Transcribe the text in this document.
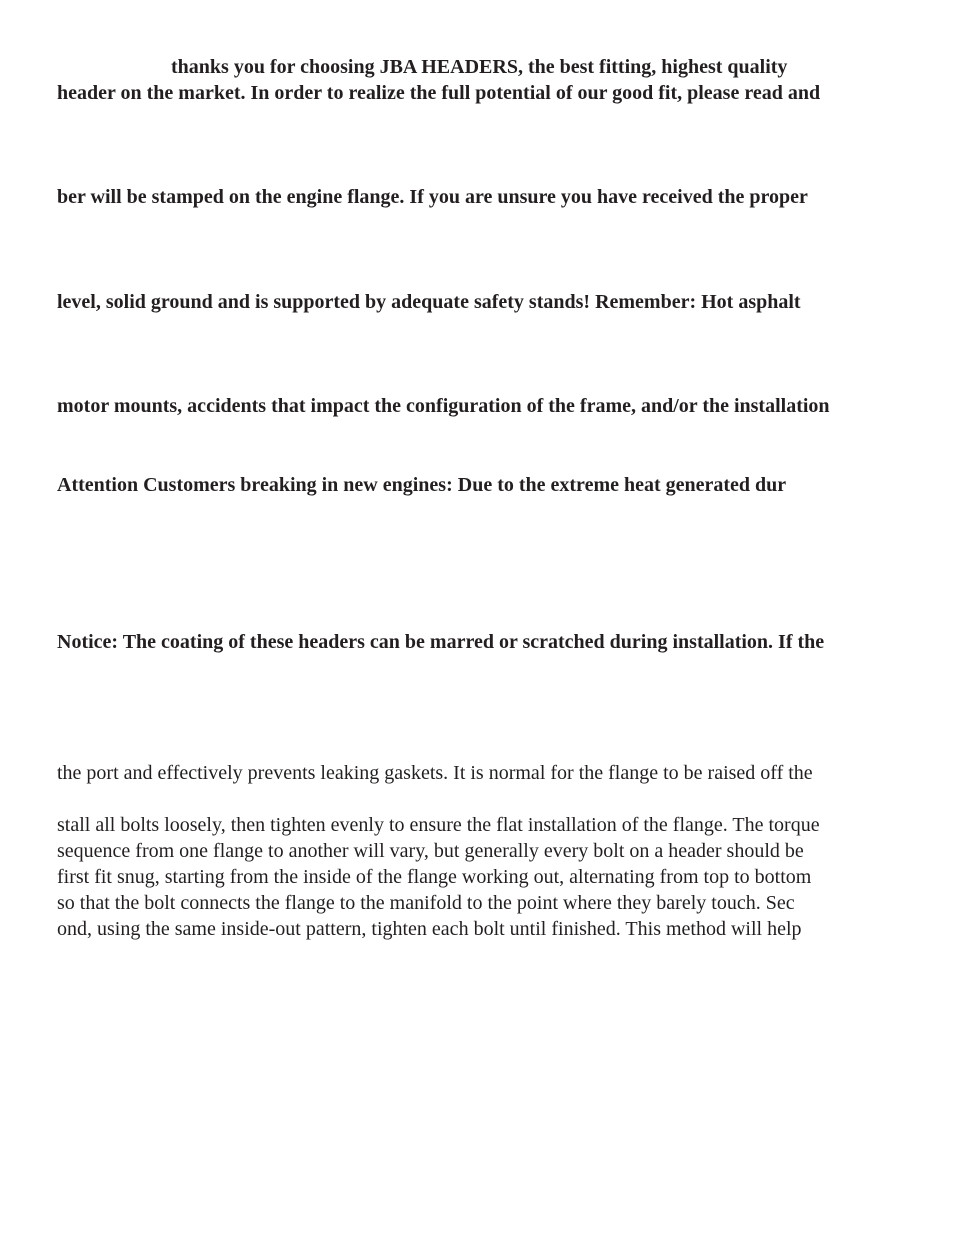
thanks you for choosing JBA HEADERS, the best fitting, highest quality

header on the market. In order to realize the full potential of our good fit, please read and

ber will be stamped on the engine flange. If you are unsure you have received the proper

level, solid ground and is supported by adequate safety stands! Remember: Hot asphalt

motor mounts, accidents that impact the configuration of the frame, and/or the installation

Attention Customers breaking in new engines: Due to the extreme heat generated dur

Notice: The coating of these headers can be marred or scratched during installation. If the

the port and effectively prevents leaking gaskets. It is normal for the flange to be raised off the

stall all bolts loosely, then tighten evenly to ensure the flat installation of the flange. The torque

sequence from one flange to another will vary, but generally every bolt on a header should be

first fit snug, starting from the inside of the flange working out, alternating from top to bottom

so that the bolt connects the flange to the manifold to the point where they barely touch. Sec

ond, using the same inside-out pattern, tighten each bolt until finished. This method will help
